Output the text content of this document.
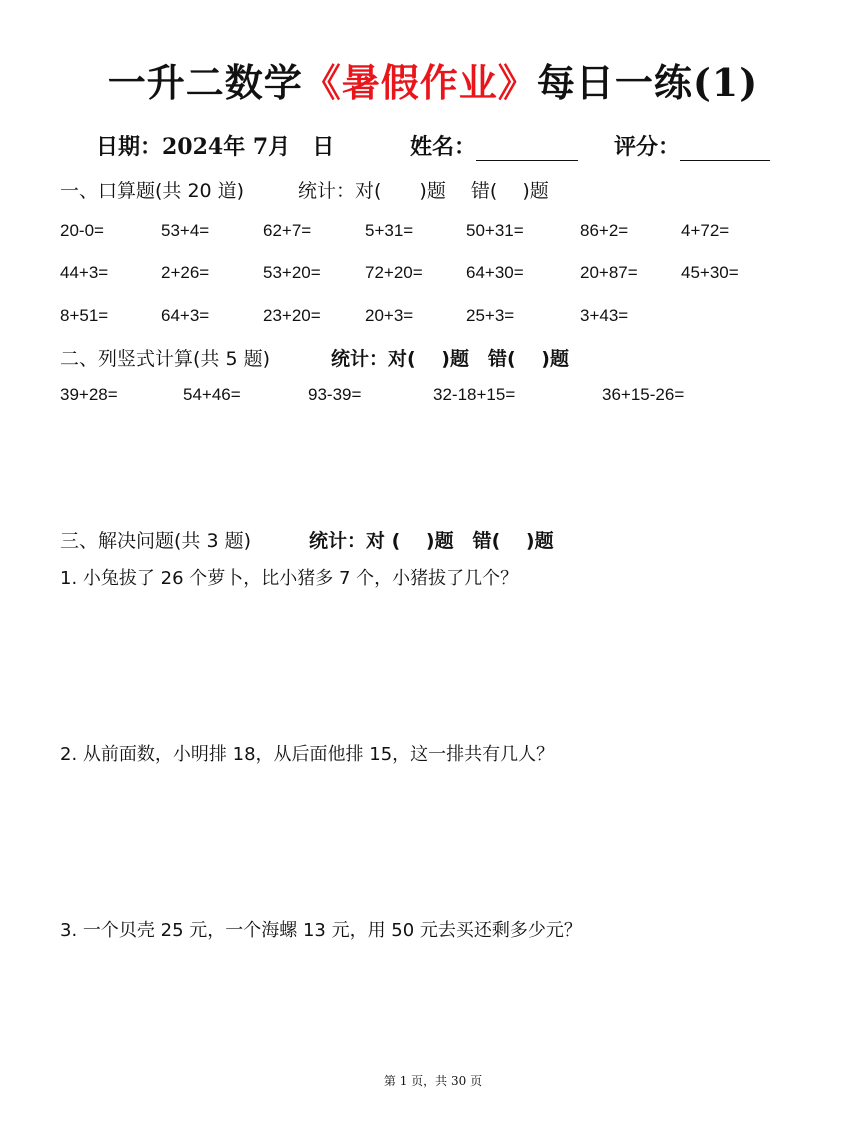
一升二数学《暑假作业》每日一练(1)
日期：2024年 7月　日	姓名：	评分：
一、口算题(共 20 道)	统计：对(　　)题　 错(　 )题
20-0=	53+4=	62+7=	5+31=	50+31=	86+2=	4+72=
44+3=	2+26=	53+20=	72+20=	64+30=	20+87=	45+30=
8+51=	64+3=	23+20=	20+3=	25+3=	3+43=
二、列竖式计算(共 5 题)	统计：对(　 )题　错(　 )题
39+28=	54+46=	93-39=	32-18+15=	36+15-26=
三、解决问题(共 3 题)	统计：对 (　 )题　错(　 )题
1. 小兔拔了 26 个萝卜，比小猪多 7 个，小猪拔了几个？
2. 从前面数，小明排 18，从后面他排 15，这一排共有几人？
3. 一个贝壳 25 元，一个海螺 13 元，用 50 元去买还剩多少元？
第 1 页，共 30 页
